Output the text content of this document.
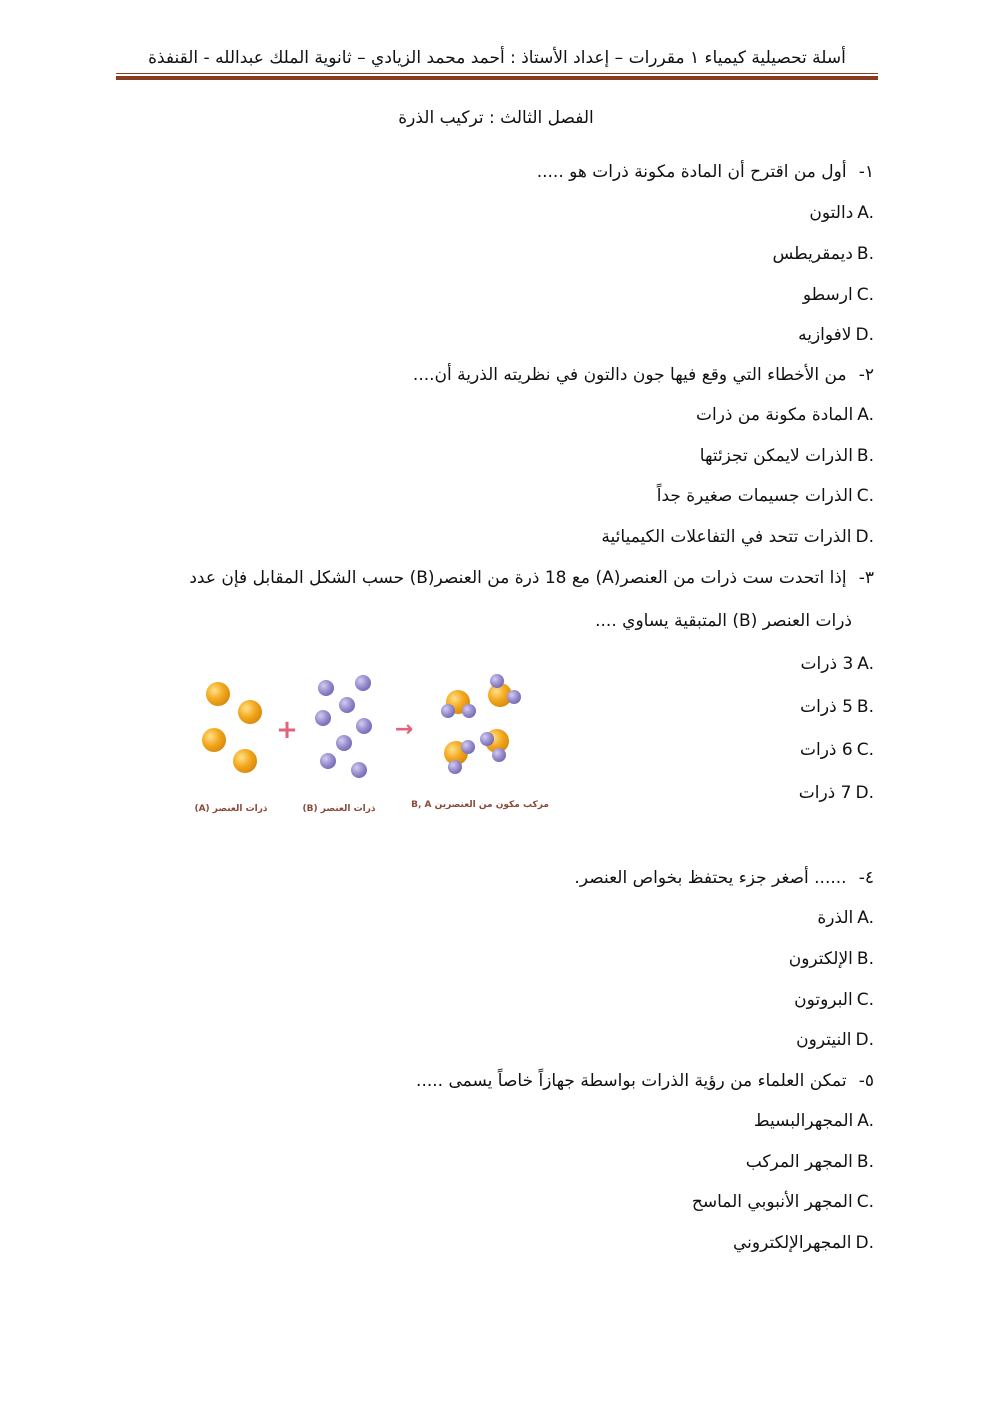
أسلة تحصيلية كيمياء ١ مقررات – إعداد الأستاذ : أحمد محمد الزيادي – ثانوية الملك عبدالله - القنفذة
الفصل الثالث : تركيب الذرة
١- أول من اقترح أن المادة مكونة ذرات هو .....
A.
دالتون
B.
ديمقريطس
C.
ارسطو
D.
لافوازيه
٢- من الأخطاء التي وقع فيها جون دالتون في نظريته الذرية أن....
A.
المادة مكونة من ذرات
B.
الذرات لايمكن تجزئتها
C.
الذرات جسيمات صغيرة جداً
D.
الذرات تتحد في التفاعلات الكيميائية
٣- إذا اتحدت ست ذرات من العنصر(A) مع 18 ذرة من العنصر(B) حسب الشكل المقابل فإن عدد
ذرات العنصر (B) المتبقية يساوي ....
A.
3 ذرات
B.
5 ذرات
C.
6 ذرات
D.
7 ذرات
+	→
ذرات العنصر (A)	ذرات العنصر (B)	مركب مكون من العنصرين B, A
٤- ...... أصغر جزء يحتفظ بخواص العنصر.
A.
الذرة
B.
الإلكترون
C.
البروتون
D.
النيترون
٥- تمكن العلماء من رؤية الذرات بواسطة جهازاً خاصاً يسمى .....
A.
المجهرالبسيط
B.
المجهر المركب
C.
المجهر الأنبوبي الماسح
D.
المجهرالإلكتروني
